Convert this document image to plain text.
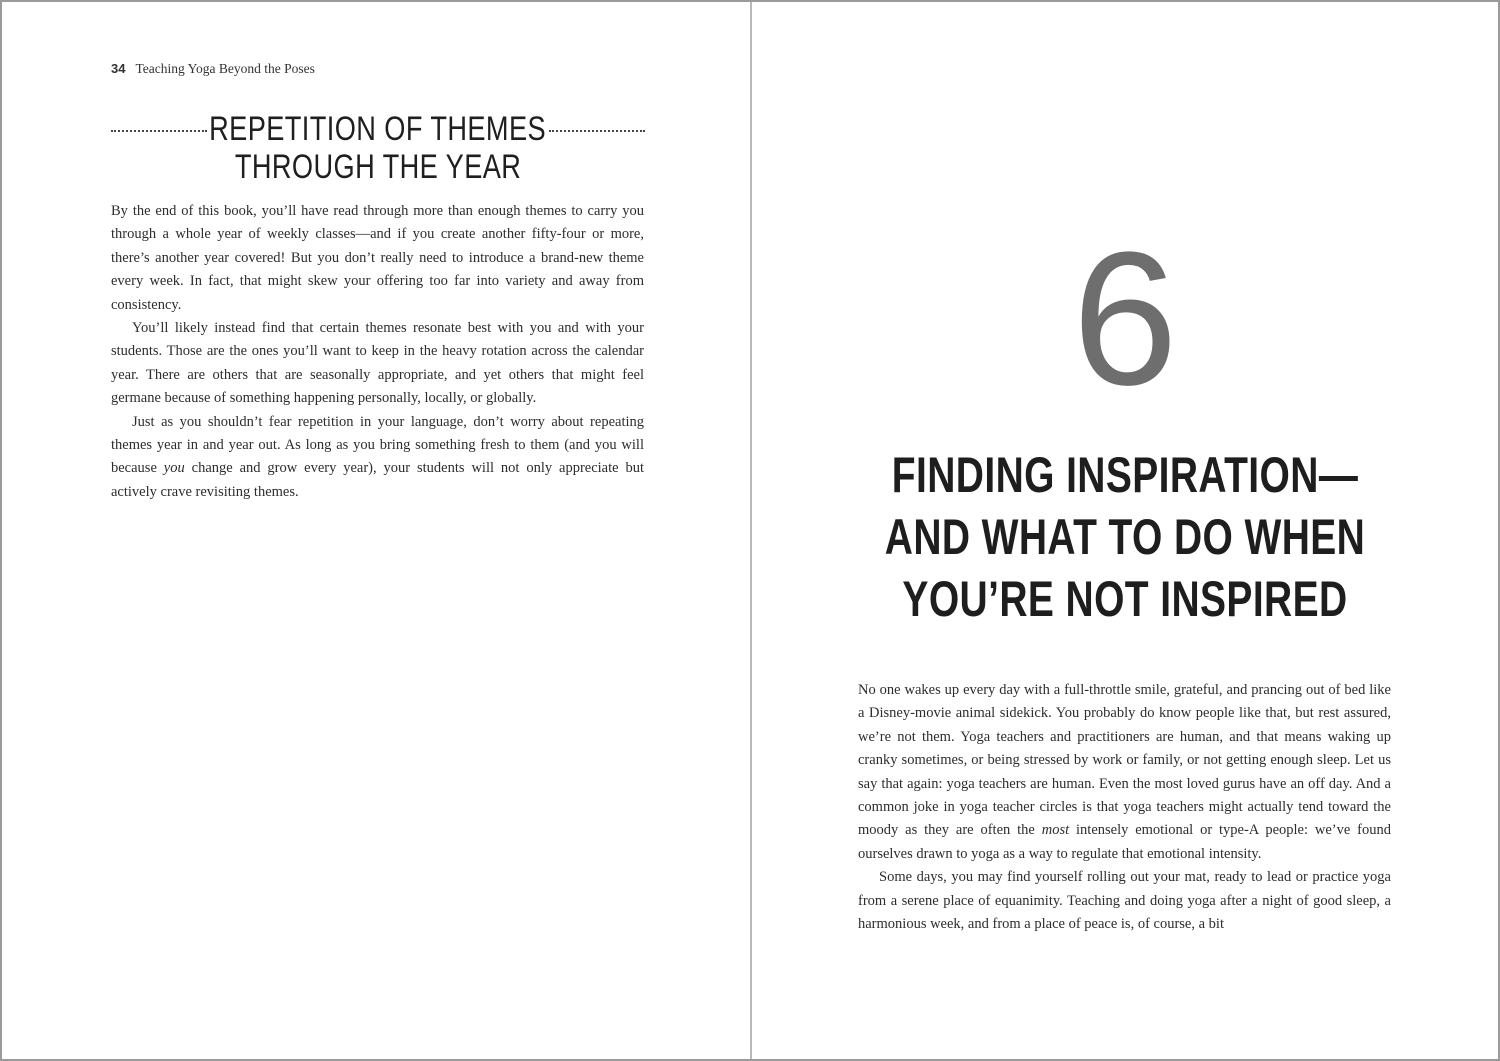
34 Teaching Yoga Beyond the Poses
REPETITION OF THEMES
THROUGH THE YEAR

By the end of this book, you’ll have read through more than enough themes to carry you through a whole year of weekly classes—and if you create another fifty-four or more, there’s another year covered! But you don’t really need to introduce a brand-new theme every week. In fact, that might skew your offering too far into variety and away from consistency.

You’ll likely instead find that certain themes resonate best with you and with your students. Those are the ones you’ll want to keep in the heavy rotation across the calendar year. There are others that are seasonally appropriate, and yet others that might feel germane because of something happening personally, locally, or globally.

Just as you shouldn’t fear repetition in your language, don’t worry about repeating themes year in and year out. As long as you bring something fresh to them (and you will because you change and grow every year), your students will not only appreciate but actively crave revisiting themes.

6
FINDING INSPIRATION—
AND WHAT TO DO WHEN
YOU’RE NOT INSPIRED

No one wakes up every day with a full-throttle smile, grateful, and prancing out of bed like a Disney-movie animal sidekick. You probably do know people like that, but rest assured, we’re not them. Yoga teachers and practitioners are human, and that means waking up cranky sometimes, or being stressed by work or family, or not getting enough sleep. Let us say that again: yoga teachers are human. Even the most loved gurus have an off day. And a common joke in yoga teacher circles is that yoga teachers might actually tend toward the moody as they are often the most intensely emotional or type-A people: we’ve found ourselves drawn to yoga as a way to regulate that emotional intensity.

Some days, you may find yourself rolling out your mat, ready to lead or practice yoga from a serene place of equanimity. Teaching and doing yoga after a night of good sleep, a harmonious week, and from a place of peace is, of course, a bit
